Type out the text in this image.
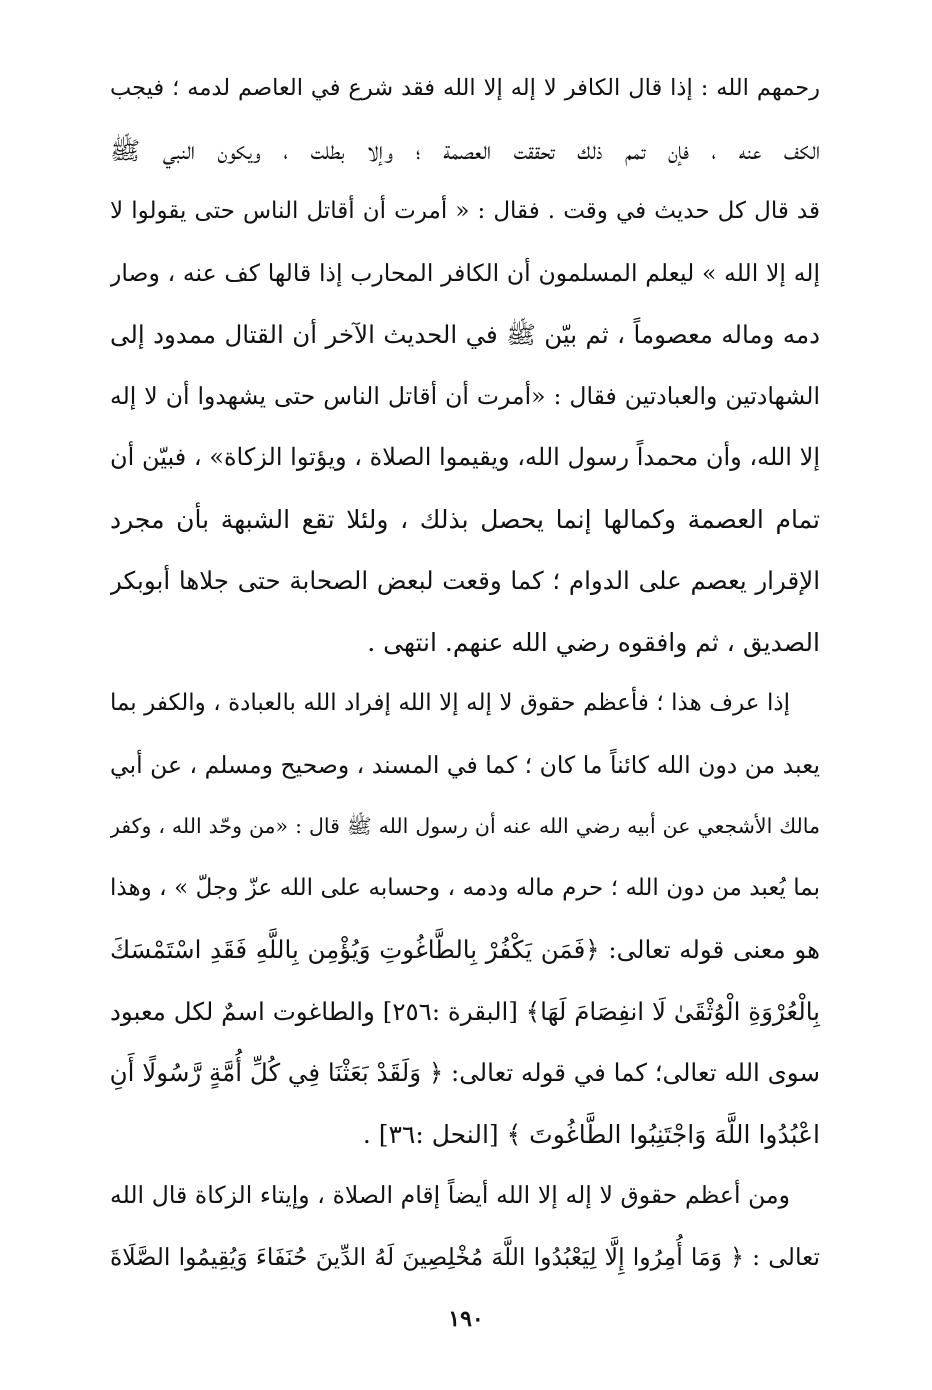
رحمهم الله : إذا قال الكافر لا إله إلا الله فقد شرع في العاصم لدمه ؛ فيجب
الكف عنه ، فإن تمم ذلك تحققت العصمة ؛ وإلا بطلت ، ويكون النبي ﷺ
قد قال كل حديث في وقت . فقال : « أمرت أن أقاتل الناس حتى يقولوا لا
إله إلا الله » ليعلم المسلمون أن الكافر المحارب إذا قالها كف عنه ، وصار
دمه وماله معصوماً ، ثم بيّن ﷺ في الحديث الآخر أن القتال ممدود إلى
الشهادتين والعبادتين فقال : «أمرت أن أقاتل الناس حتى يشهدوا أن لا إله
إلا الله، وأن محمداً رسول الله، ويقيموا الصلاة ، ويؤتوا الزكاة» ، فبيّن أن
تمام العصمة وكمالها إنما يحصل بذلك ، ولئلا تقع الشبهة بأن مجرد
الإقرار يعصم على الدوام ؛ كما وقعت لبعض الصحابة حتى جلاها أبوبكر
الصديق ، ثم وافقوه رضي الله عنهم. انتهى .
إذا عرف هذا ؛ فأعظم حقوق لا إله إلا الله إفراد الله بالعبادة ، والكفر بما
يعبد من دون الله كائناً ما كان ؛ كما في المسند ، وصحيح ومسلم ، عن أبي
مالك الأشجعي عن أبيه رضي الله عنه أن رسول الله ﷺ قال : «من وحّد الله ، وكفر
بما يُعبد من دون الله ؛ حرم ماله ودمه ، وحسابه على الله عزّ وجلّ » ، وهذا
هو معنى قوله تعالى: ﴿فَمَن يَكْفُرْ بِالطَّاغُوتِ وَيُؤْمِن بِاللَّهِ فَقَدِ اسْتَمْسَكَ
بِالْعُرْوَةِ الْوُثْقَىٰ لَا انفِصَامَ لَهَا﴾ [البقرة :٢٥٦] والطاغوت اسمٌ لكل معبود
سوى الله تعالى؛ كما في قوله تعالى: ﴿ وَلَقَدْ بَعَثْنَا فِي كُلِّ أُمَّةٍ رَّسُولًا أَنِ
اعْبُدُوا اللَّهَ وَاجْتَنِبُوا الطَّاغُوتَ ﴾ [النحل :٣٦] .
ومن أعظم حقوق لا إله إلا الله أيضاً إقام الصلاة ، وإيتاء الزكاة قال الله
تعالى : ﴿ وَمَا أُمِرُوا إِلَّا لِيَعْبُدُوا اللَّهَ مُخْلِصِينَ لَهُ الدِّينَ حُنَفَاءَ وَيُقِيمُوا الصَّلَاةَ
١٩٠
